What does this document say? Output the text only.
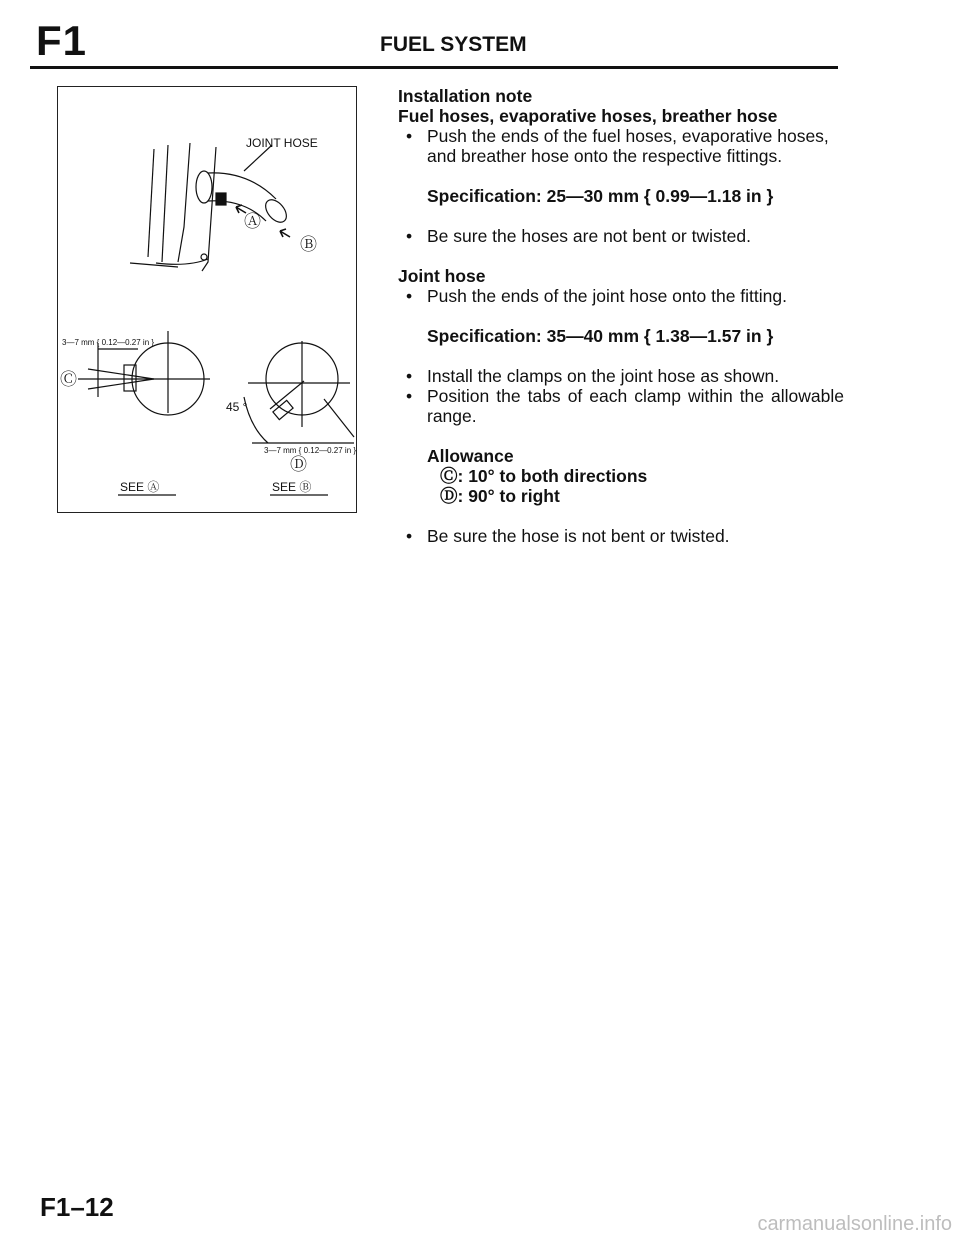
F1	FUEL SYSTEM
JOINT HOSE
Ⓐ
Ⓑ
Ⓒ
3—7 mm { 0.12—0.27 in }
45 °
3—7 mm { 0.12—0.27 in }
Ⓓ
SEE Ⓐ	SEE Ⓑ
Installation note
Fuel hoses, evaporative hoses, breather hose
• Push the ends of the fuel hoses, evaporative hoses, and breather hose onto the respective fittings.
Specification: 25—30 mm { 0.99—1.18 in }
• Be sure the hoses are not bent or twisted.
Joint hose
• Push the ends of the joint hose onto the fitting.
Specification: 35—40 mm { 1.38—1.57 in }
• Install the clamps on the joint hose as shown.
• Position the tabs of each clamp within the allowable range.
Allowance
Ⓒ: 10° to both directions
Ⓓ: 90° to right
• Be sure the hose is not bent or twisted.
F1–12
carmanualsonline.info
